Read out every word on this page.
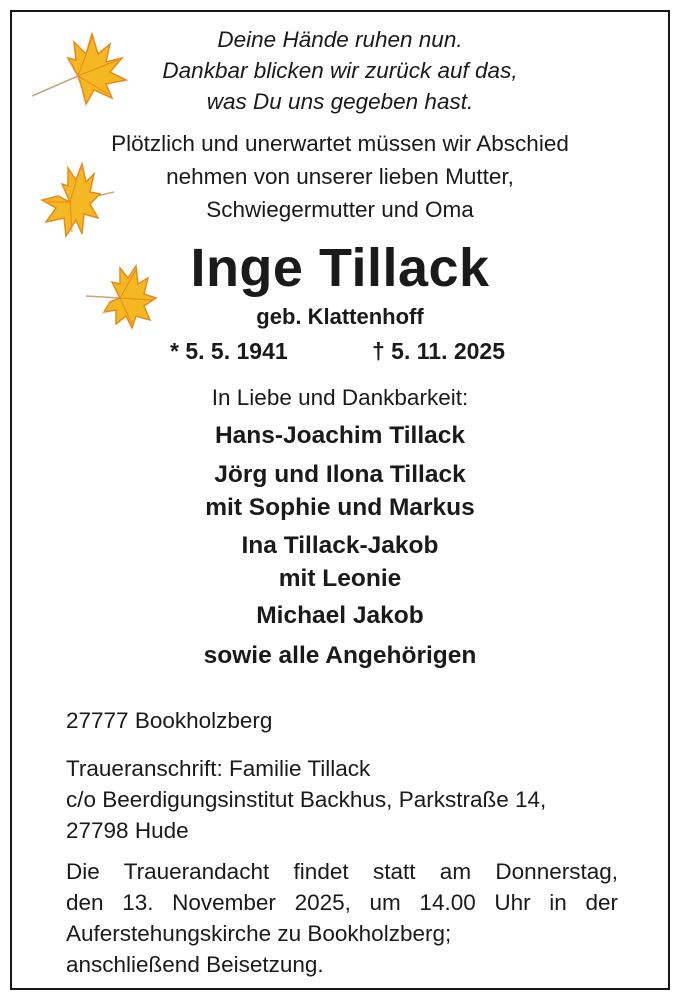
Deine Hände ruhen nun.
Dankbar blicken wir zurück auf das,
was Du uns gegeben hast.
Plötzlich und unerwartet müssen wir Abschied
nehmen von unserer lieben Mutter,
Schwiegermutter und Oma
Inge Tillack
geb. Klattenhoff
* 5. 5. 1941	† 5. 11. 2025
In Liebe und Dankbarkeit:
Hans-Joachim Tillack
Jörg und Ilona Tillack
mit Sophie und Markus
Ina Tillack-Jakob
mit Leonie
Michael Jakob
sowie alle Angehörigen
27777 Bookholzberg
Traueranschrift: Familie Tillack
c/o Beerdigungsinstitut Backhus, Parkstraße 14,
27798 Hude
Die Trauerandacht findet statt am Donnerstag,
den 13. November 2025, um 14.00 Uhr in der
Auferstehungskirche zu Bookholzberg;
anschließend Beisetzung.
